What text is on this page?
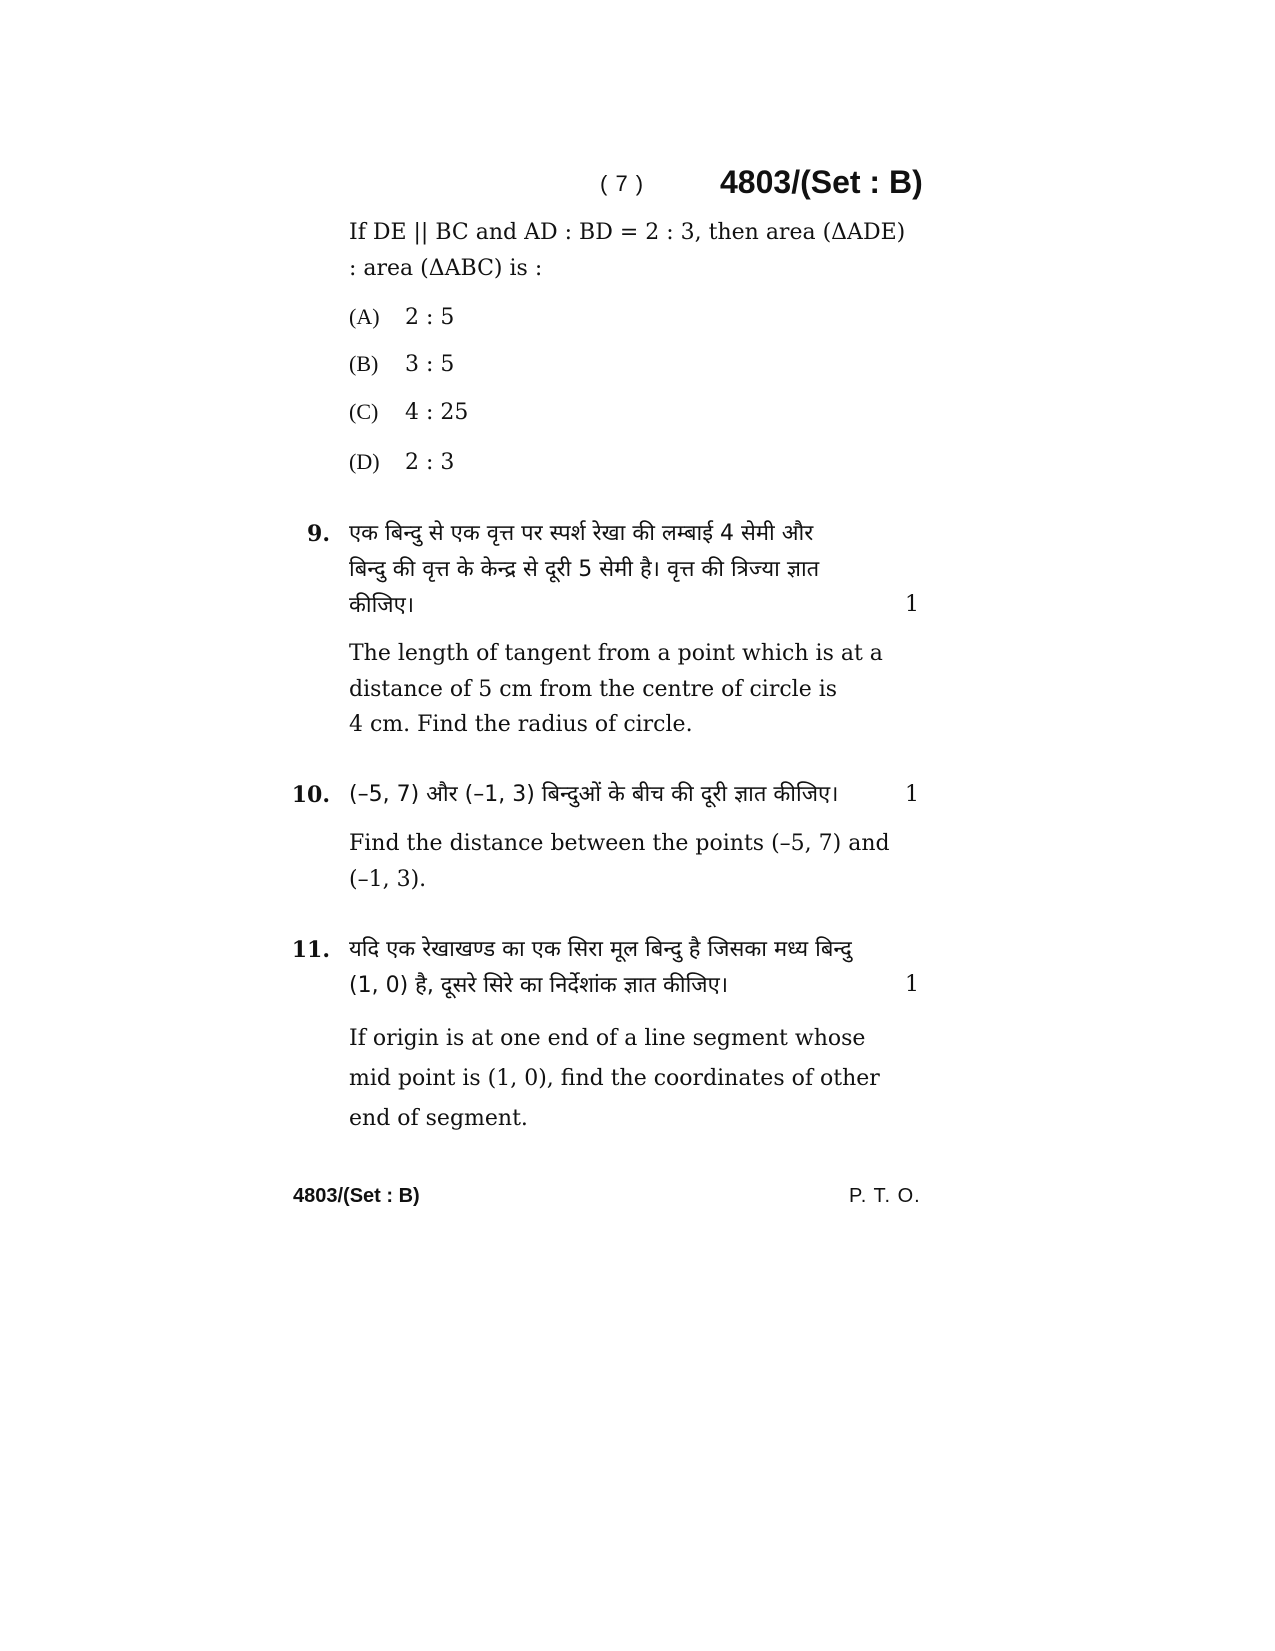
( 7 ) 4803/(Set : B)
If DE || BC and AD : BD = 2 : 3, then area (ΔADE)
: area (ΔABC) is :
(A) 2 : 5
(B) 3 : 5
(C) 4 : 25
(D) 2 : 3
9. एक बिन्दु से एक वृत्त पर स्पर्श रेखा की लम्बाई 4 सेमी और
बिन्दु की वृत्त के केन्द्र से दूरी 5 सेमी है। वृत्त की त्रिज्या ज्ञात
कीजिए।	1
The length of tangent from a point which is at a
distance of 5 cm from the centre of circle is
4 cm. Find the radius of circle.
10. (–5, 7) और (–1, 3) बिन्दुओं के बीच की दूरी ज्ञात कीजिए।	1
Find the distance between the points (–5, 7) and
(–1, 3).
11. यदि एक रेखाखण्ड का एक सिरा मूल बिन्दु है जिसका मध्य बिन्दु
(1, 0) है, दूसरे सिरे का निर्देशांक ज्ञात कीजिए।	1
If origin is at one end of a line segment whose
mid point is (1, 0), find the coordinates of other
end of segment.
4803/(Set : B)	P. T. O.
